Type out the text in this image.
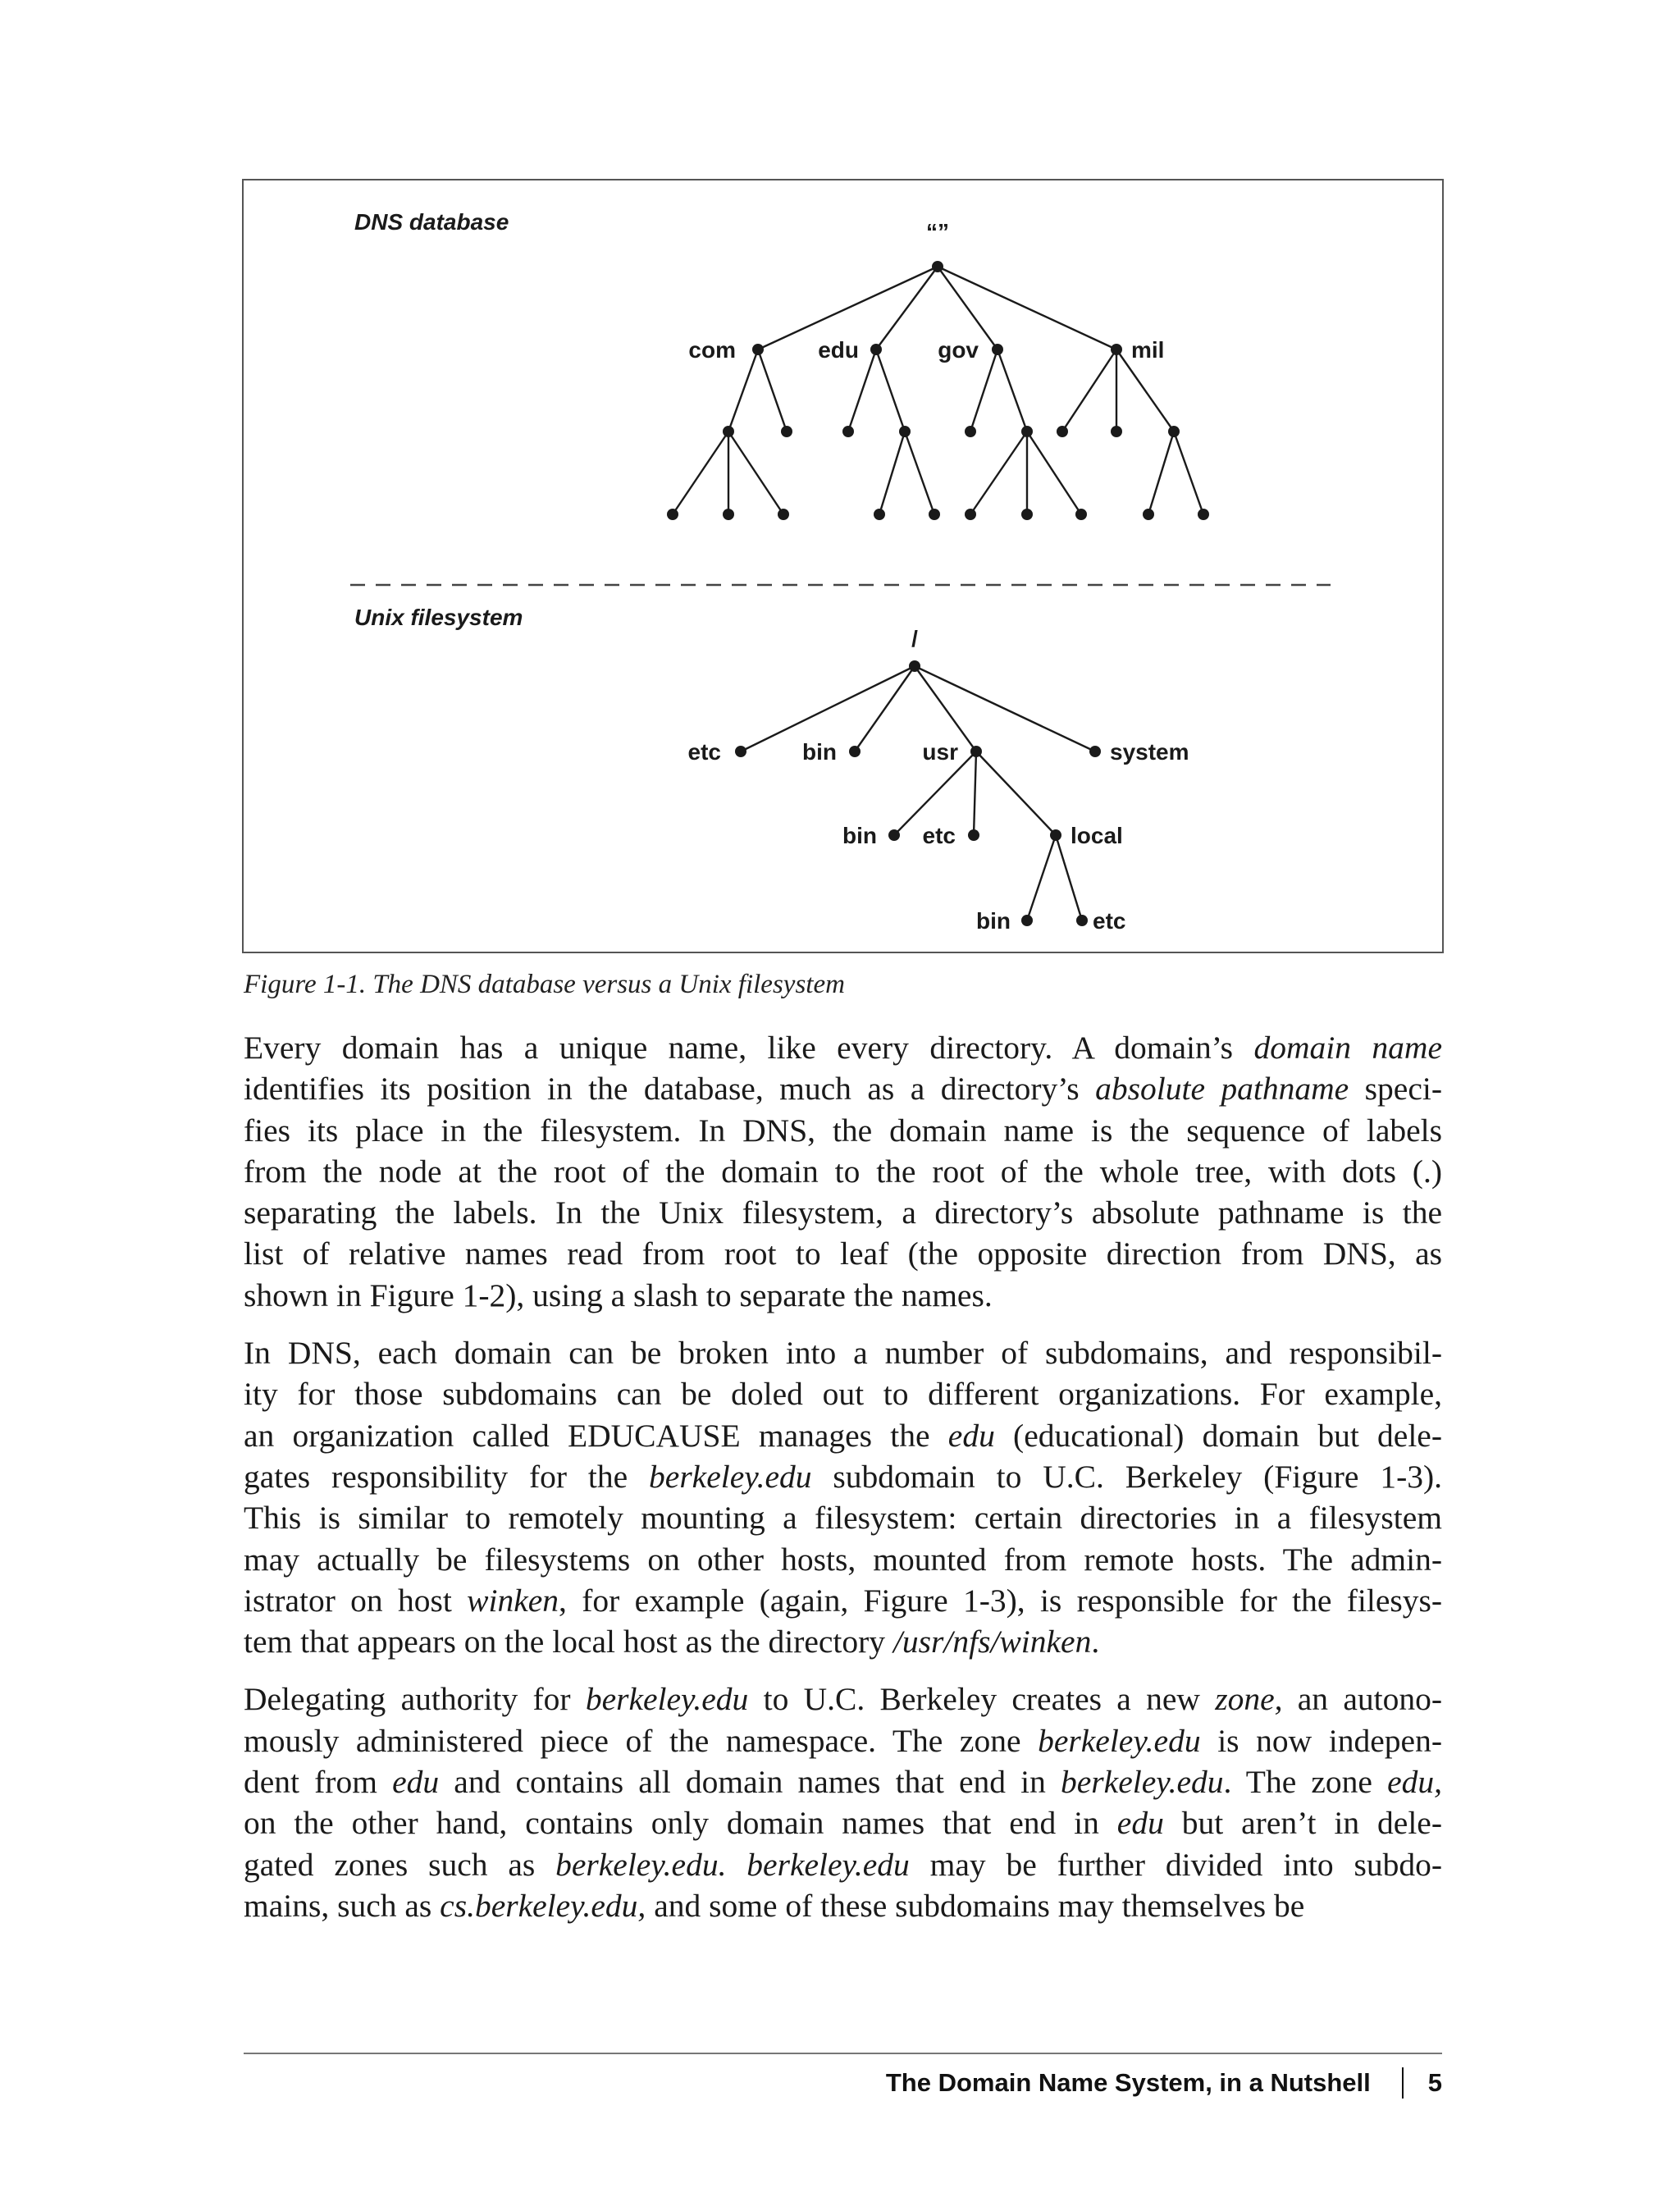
DNS database	“”
com	edu	gov	mil
Unix filesystem
/
etc	bin	usr	system
bin etc	local
bin	etc
Figure 1-1. The DNS database versus a Unix filesystem

Every domain has a unique name, like every directory. A domain’s domain name
identifies its position in the database, much as a directory’s absolute pathname speci-
fies its place in the filesystem. In DNS, the domain name is the sequence of labels
from the node at the root of the domain to the root of the whole tree, with dots (.)
separating the labels. In the Unix filesystem, a directory’s absolute pathname is the
list of relative names read from root to leaf (the opposite direction from DNS, as
shown in Figure 1-2), using a slash to separate the names.

In DNS, each domain can be broken into a number of subdomains, and responsibil-
ity for those subdomains can be doled out to different organizations. For example,
an organization called EDUCAUSE manages the edu (educational) domain but dele-
gates responsibility for the berkeley.edu subdomain to U.C. Berkeley (Figure 1-3).
This is similar to remotely mounting a filesystem: certain directories in a filesystem
may actually be filesystems on other hosts, mounted from remote hosts. The admin-
istrator on host winken, for example (again, Figure 1-3), is responsible for the filesys-
tem that appears on the local host as the directory /usr/nfs/winken.

Delegating authority for berkeley.edu to U.C. Berkeley creates a new zone, an autono-
mously administered piece of the namespace. The zone berkeley.edu is now indepen-
dent from edu and contains all domain names that end in berkeley.edu. The zone edu,
on the other hand, contains only domain names that end in edu but aren’t in dele-
gated zones such as berkeley.edu. berkeley.edu may be further divided into subdo-
mains, such as cs.berkeley.edu, and some of these subdomains may themselves be

The Domain Name System, in a Nutshell 5
